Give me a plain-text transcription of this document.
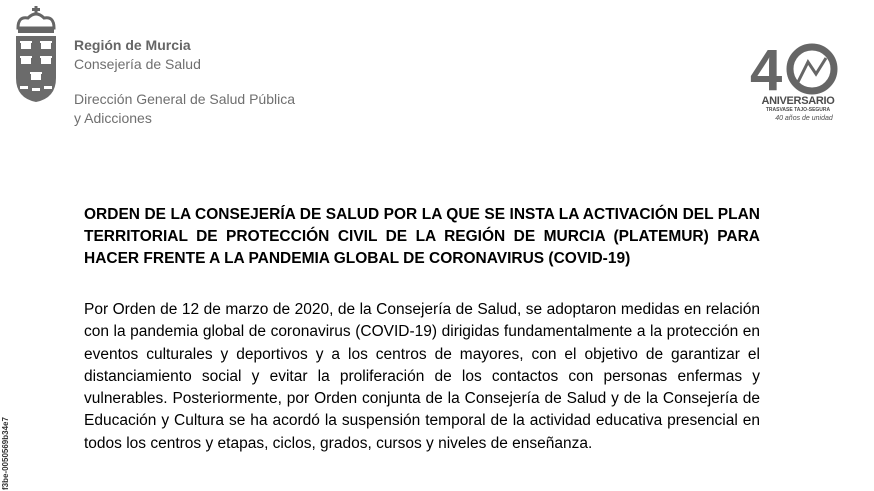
Región de Murcia
Consejería de Salud
Dirección General de Salud Pública
y Adicciones
4
ANIVERSARIO
TRASVASE TAJO-SEGURA
40 años de unidad
ORDEN DE LA CONSEJERÍA DE SALUD POR LA QUE SE INSTA LA ACTIVACIÓN DEL PLAN TERRITORIAL DE PROTECCIÓN CIVIL DE LA REGIÓN DE MURCIA (PLATEMUR) PARA HACER FRENTE A LA PANDEMIA GLOBAL DE CORONAVIRUS (COVID-19)
Por Orden de 12 de marzo de 2020, de la Consejería de Salud, se adoptaron medidas en relación con la pandemia global de coronavirus (COVID-19) dirigidas fundamentalmente a la protección en eventos culturales y deportivos y a los centros de mayores, con el objetivo de garantizar el distanciamiento social y evitar la proliferación de los contactos con personas enfermas y vulnerables. Posteriormente, por Orden conjunta de la Consejería de Salud y de la Consejería de Educación y Cultura se ha acordó la suspensión temporal de la actividad educativa presencial en todos los centros y etapas, ciclos, grados, cursos y niveles de enseñanza.
f3be-0050569b34e7
